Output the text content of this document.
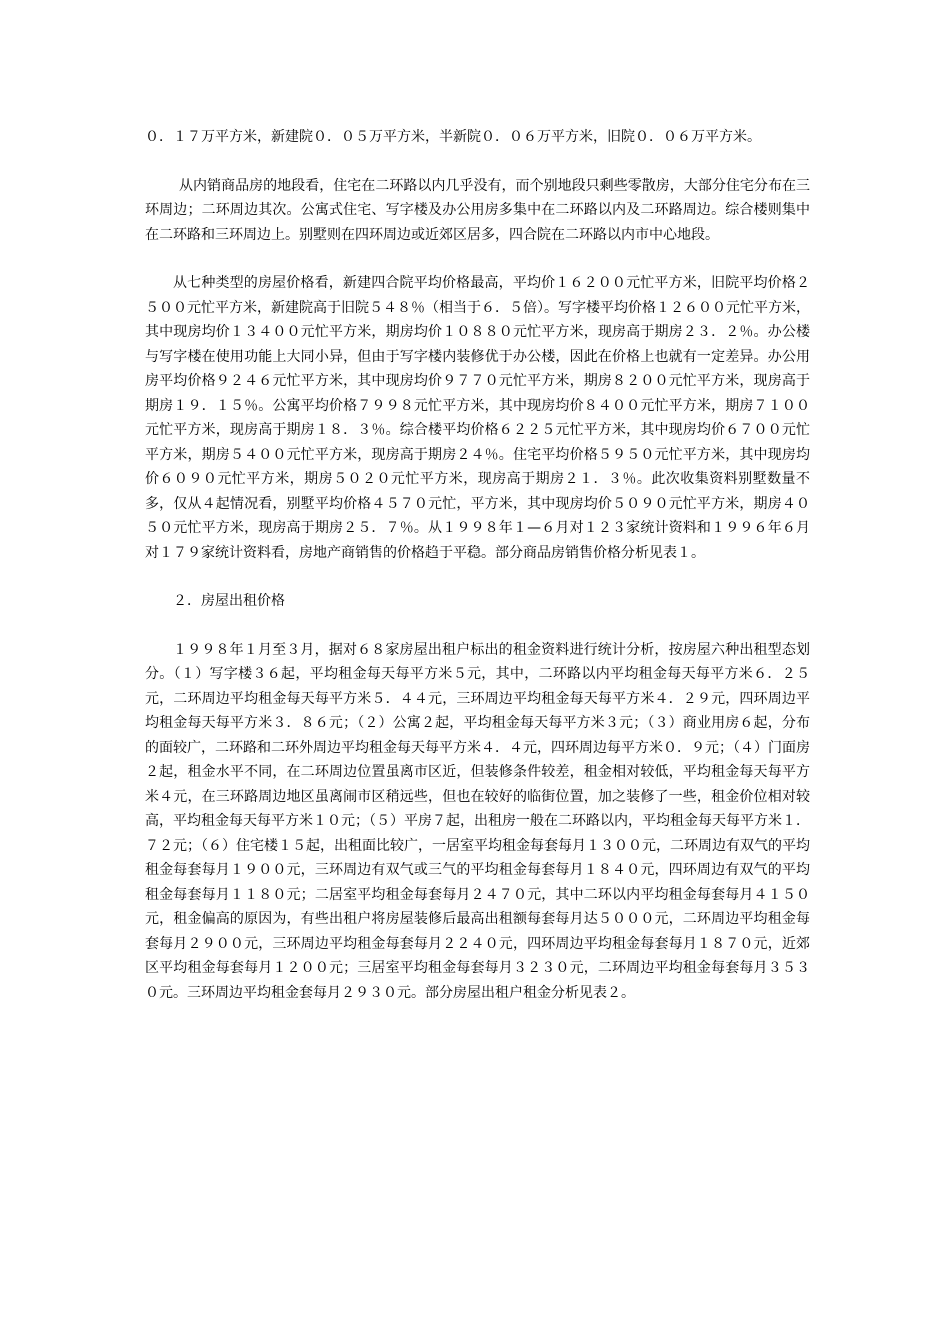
０．１７万平方米，新建院０．０５万平方米，半新院０．０６万平方米，旧院０．０６万平方米。

从内销商品房的地段看，住宅在二环路以内几乎没有，而个别地段只剩些零散房，大部分住宅分布在三环周边；二环周边其次。公寓式住宅、写字楼及办公用房多集中在二环路以内及二环路周边。综合楼则集中在二环路和三环周边上。别墅则在四环周边或近郊区居多，四合院在二环路以内市中心地段。

从七种类型的房屋价格看，新建四合院平均价格最高，平均价１６２００元忙平方米，旧院平均价格２５００元忙平方米，新建院高于旧院５４８％（相当于６．５倍）。写字楼平均价格１２６００元忙平方米，其中现房均价１３４００元忙平方米，期房均价１０８８０元忙平方米，现房高于期房２３．２％。办公楼与写字楼在使用功能上大同小异，但由于写字楼内装修优于办公楼，因此在价格上也就有一定差异。办公用房平均价格９２４６元忙平方米，其中现房均价９７７０元忙平方米，期房８２００元忙平方米，现房高于期房１９．１５％。公寓平均价格７９９８元忙平方米，其中现房均价８４００元忙平方米，期房７１００元忙平方米，现房高于期房１８．３％。综合楼平均价格６２２５元忙平方米，其中现房均价６７００元忙平方米，期房５４００元忙平方米，现房高于期房２４％。住宅平均价格５９５０元忙平方米，其中现房均价６０９０元忙平方米，期房５０２０元忙平方米，现房高于期房２１．３％。此次收集资料别墅数量不多，仅从４起情况看，别墅平均价格４５７０元忙，平方米，其中现房均价５０９０元忙平方米，期房４０５０元忙平方米，现房高于期房２５．７％。从１９９８年１—６月对１２３家统计资料和１９９６年６月对１７９家统计资料看，房地产商销售的价格趋于平稳。部分商品房销售价格分析见表１。

２．房屋出租价格

１９９８年１月至３月，据对６８家房屋出租户标出的租金资料进行统计分析，按房屋六种出租型态划分。（１）写字楼３６起，平均租金每天每平方米５元，其中，二环路以内平均租金每天每平方米６．２５元，二环周边平均租金每天每平方米５．４４元，三环周边平均租金每天每平方米４．２９元，四环周边平均租金每天每平方米３．８６元；（２）公寓２起，平均租金每天每平方米３元；（３）商业用房６起，分布的面较广，二环路和二环外周边平均租金每天每平方米４．４元，四环周边每平方米０．９元；（４）门面房２起，租金水平不同，在二环周边位置虽离市区近，但装修条件较差，租金相对较低，平均租金每天每平方米４元，在三环路周边地区虽离闹市区稍远些，但也在较好的临街位置，加之装修了一些，租金价位相对较高，平均租金每天每平方米１０元；（５）平房７起，出租房一般在二环路以内，平均租金每天每平方米１．７２元；（６）住宅楼１５起，出租面比较广，一居室平均租金每套每月１３００元，二环周边有双气的平均租金每套每月１９００元，三环周边有双气或三气的平均租金每套每月１８４０元，四环周边有双气的平均租金每套每月１１８０元；二居室平均租金每套每月２４７０元，其中二环以内平均租金每套每月４１５０元，租金偏高的原因为，有些出租户将房屋装修后最高出租额每套每月达５０００元，二环周边平均租金每套每月２９００元，三环周边平均租金每套每月２２４０元，四环周边平均租金每套每月１８７０元，近郊区平均租金每套每月１２００元；三居室平均租金每套每月３２３０元，二环周边平均租金每套每月３５３０元。三环周边平均租金套每月２９３０元。部分房屋出租户租金分析见表２。
